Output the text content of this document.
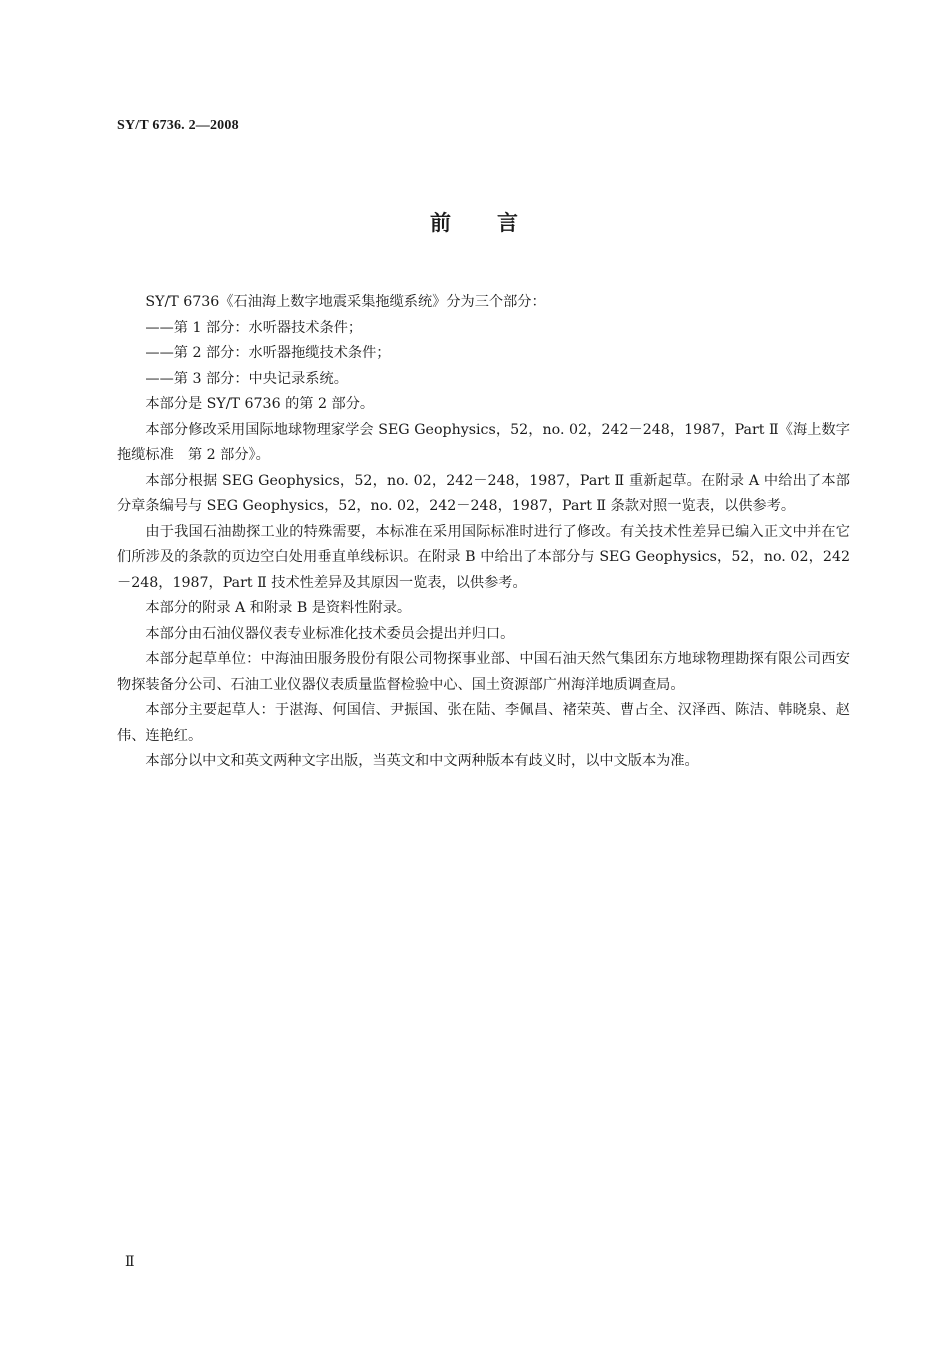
SY/T 6736. 2—2008
前 言

SY/T 6736《石油海上数字地震采集拖缆系统》分为三个部分：

——第 1 部分：水听器技术条件；

——第 2 部分：水听器拖缆技术条件；

——第 3 部分：中央记录系统。

本部分是 SY/T 6736 的第 2 部分。

本部分修改采用国际地球物理家学会 SEG Geophysics，52，no. 02，242－248，1987，Part Ⅱ《海上数字拖缆标准　第 2 部分》。

本部分根据 SEG Geophysics，52，no. 02，242－248，1987，Part Ⅱ 重新起草。在附录 A 中给出了本部分章条编号与 SEG Geophysics，52，no. 02，242－248，1987，Part Ⅱ 条款对照一览表，以供参考。

由于我国石油勘探工业的特殊需要，本标准在采用国际标准时进行了修改。有关技术性差异已编入正文中并在它们所涉及的条款的页边空白处用垂直单线标识。在附录 B 中给出了本部分与 SEG Geophysics，52，no. 02，242－248，1987，Part Ⅱ 技术性差异及其原因一览表，以供参考。

本部分的附录 A 和附录 B 是资料性附录。

本部分由石油仪器仪表专业标准化技术委员会提出并归口。

本部分起草单位：中海油田服务股份有限公司物探事业部、中国石油天然气集团东方地球物理勘探有限公司西安物探装备分公司、石油工业仪器仪表质量监督检验中心、国土资源部广州海洋地质调查局。

本部分主要起草人：于湛海、何国信、尹振国、张在陆、李佩昌、褚荣英、曹占全、汉泽西、陈洁、韩晓泉、赵伟、连艳红。

本部分以中文和英文两种文字出版，当英文和中文两种版本有歧义时，以中文版本为准。

Ⅱ
